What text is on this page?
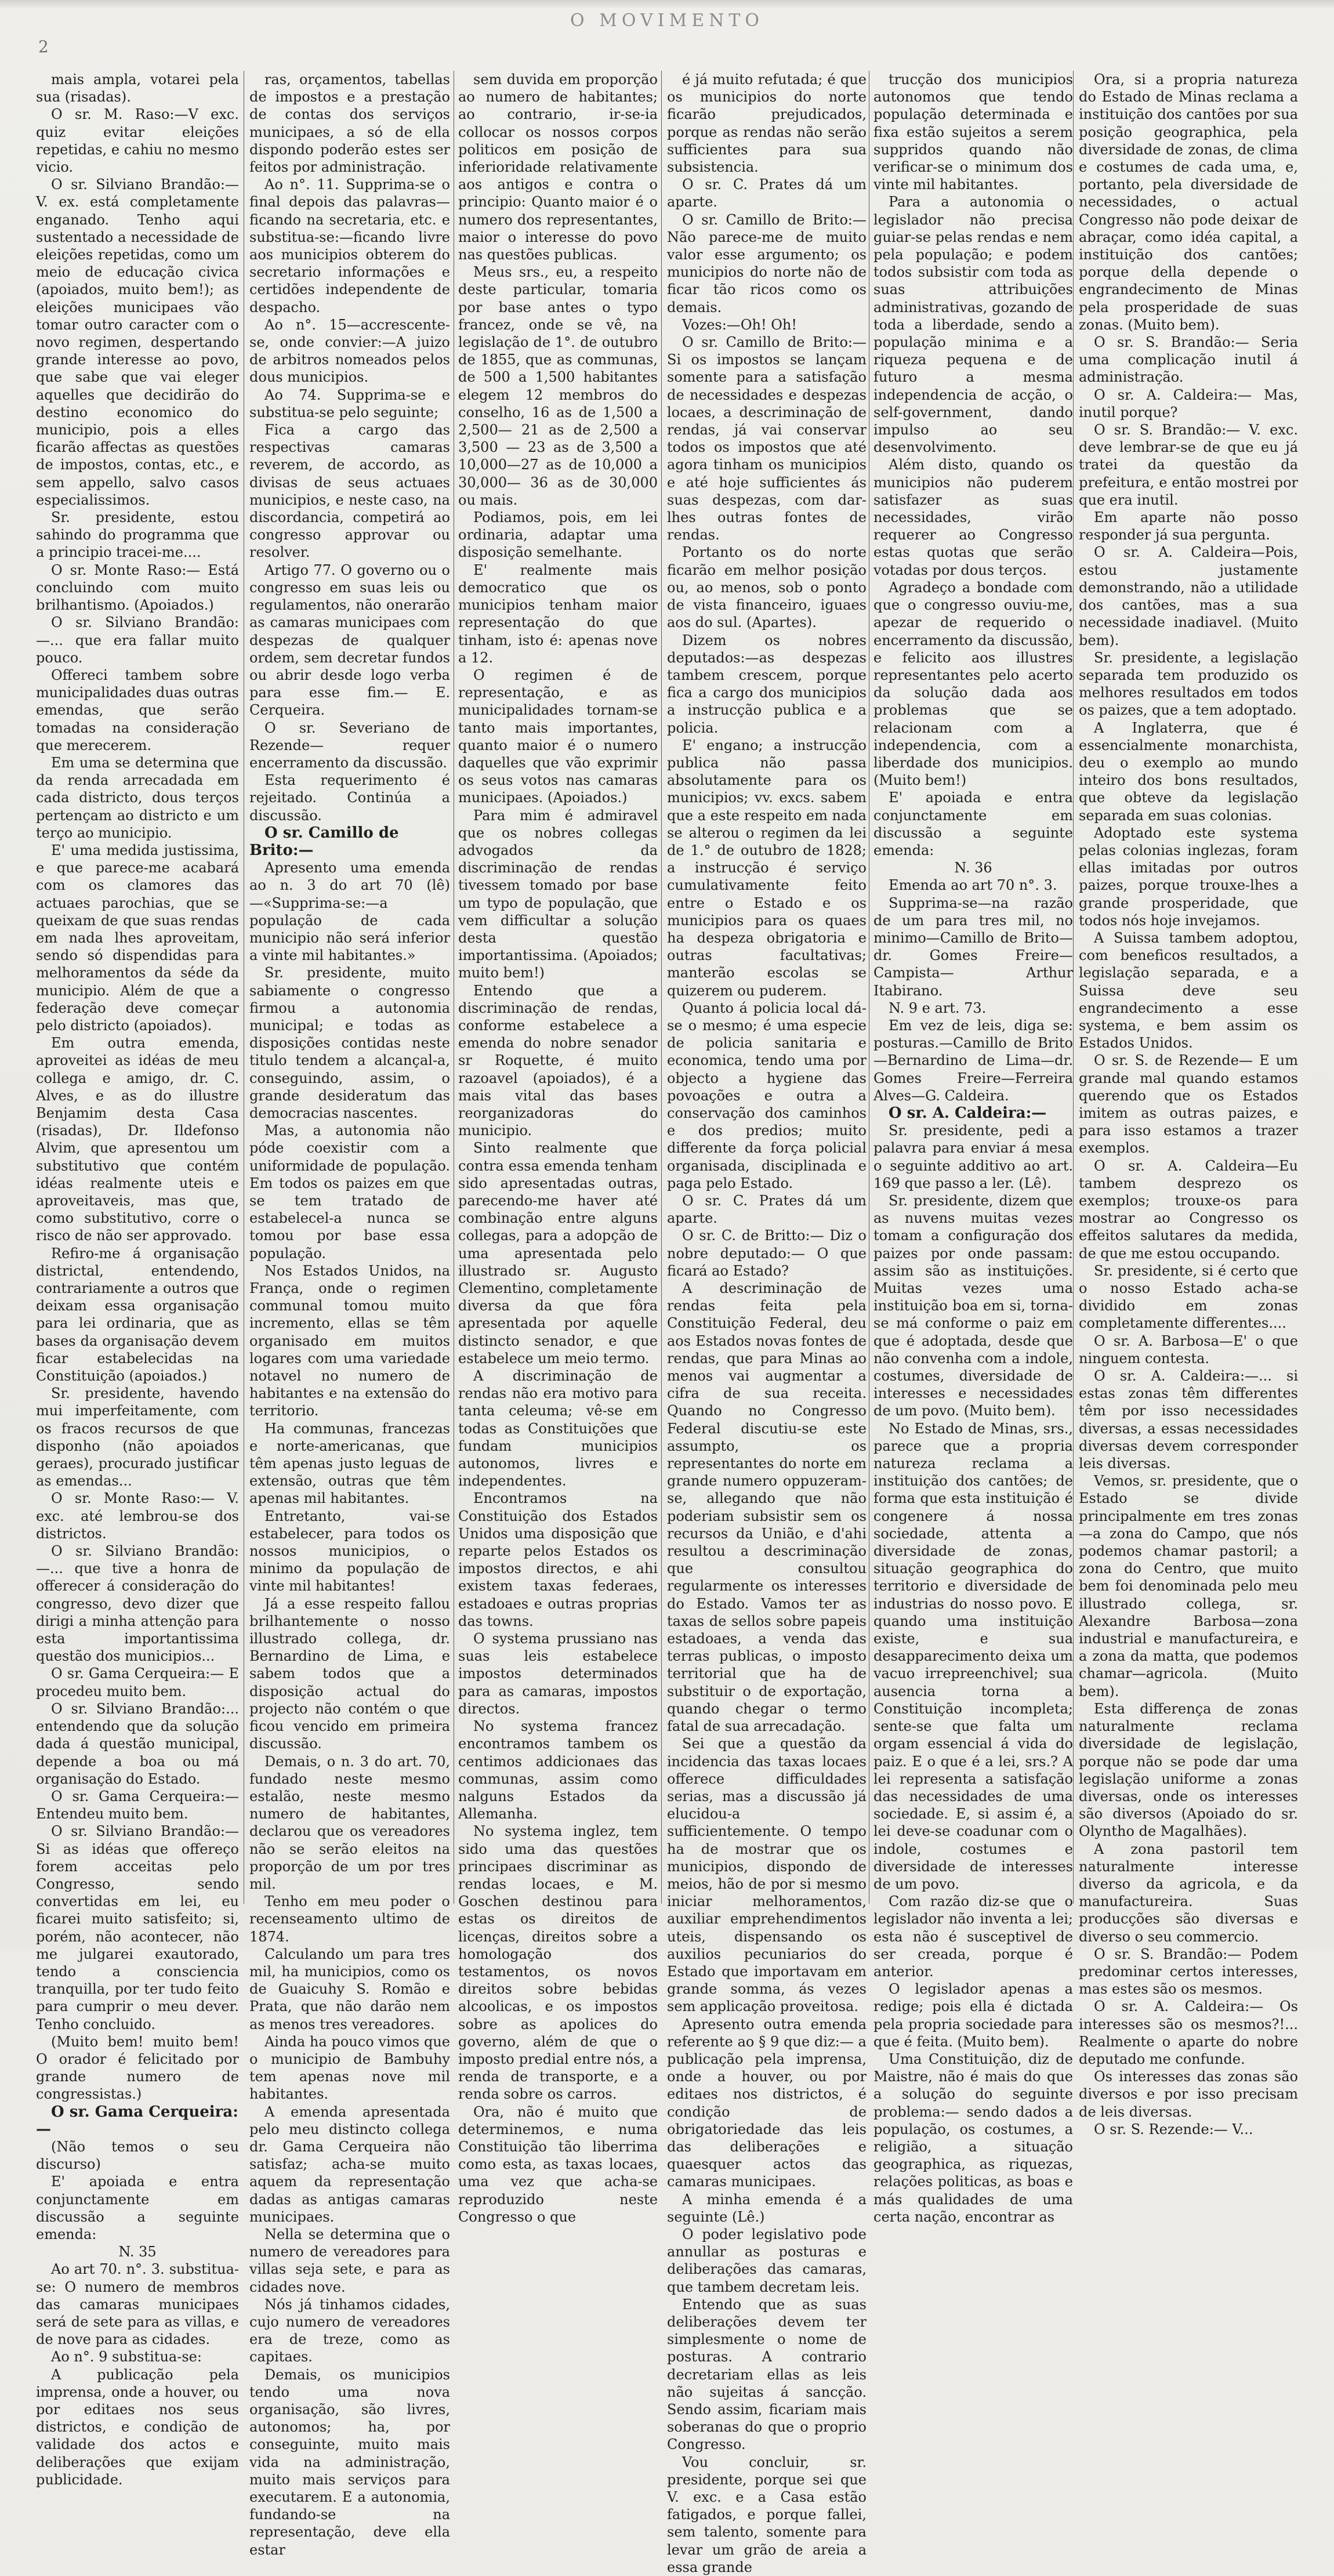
2
O MOVIMENTO

mais ampla, votarei pela sua (risadas).

O sr. M. Raso:—V exc. quiz evitar eleições repetidas, e cahiu no mesmo vicio.

O sr. Silviano Brandão:—V. ex. está completamente enganado. Tenho aqui sustentado a necessidade de eleições repetidas, como um meio de educação civica (apoiados, muito bem!); as eleições municipaes vão tomar outro caracter com o novo regimen, despertando grande interesse ao povo, que sabe que vai eleger aquelles que decidirão do destino economico do municipio, pois a elles ficarão affectas as questões de impostos, contas, etc., e sem appello, salvo casos especialissimos.

Sr. presidente, estou sahindo do programma que a principio tracei-me....

O sr. Monte Raso:— Está concluindo com muito brilhantismo. (Apoiados.)

O sr. Silviano Brandão:—... que era fallar muito pouco.

Offereci tambem sobre municipalidades duas outras emendas, que serão tomadas na consideração que merecerem.

Em uma se determina que da renda arrecadada em cada districto, dous terços pertençam ao districto e um terço ao municipio.

E' uma medida justissima, e que parece-me acabará com os clamores das actuaes parochias, que se queixam de que suas rendas em nada lhes aproveitam, sendo só dispendidas para melhoramentos da séde da municipio. Além de que a federação deve começar pelo districto (apoiados).

Em outra emenda, aproveitei as idéas de meu collega e amigo, dr. C. Alves, e as do illustre Benjamim desta Casa (risadas), Dr. Ildefonso Alvim, que apresentou um substitutivo que contém idéas realmente uteis e aproveitaveis, mas que, como substitutivo, corre o risco de não ser approvado.

Refiro-me á organisação districtal, entendendo, contrariamente a outros que deixam essa organisação para lei ordinaria, que as bases da organisação devem ficar estabelecidas na Constituição (apoiados.)

Sr. presidente, havendo mui imperfeitamente, com os fracos recursos de que disponho (não apoiados geraes), procurado justificar as emendas...

O sr. Monte Raso:— V. exc. até lembrou-se dos districtos.

O sr. Silviano Brandão:—... que tive a honra de offerecer á consideração do congresso, devo dizer que dirigi a minha attenção para esta importantissima questão dos municipios...

O sr. Gama Cerqueira:— E procedeu muito bem.

O sr. Silviano Brandão:... entendendo que da solução dada á questão municipal, depende a boa ou má organisação do Estado.

O sr. Gama Cerqueira:— Entendeu muito bem.

O sr. Silviano Brandão:— Si as idéas que offereço forem acceitas pelo Congresso, sendo convertidas em lei, eu ficarei muito satisfeito; si, porém, não acontecer, não me julgarei exautorado, tendo a consciencia tranquilla, por ter tudo feito para cumprir o meu dever. Tenho concluido.

(Muito bem! muito bem! O orador é felicitado por grande numero de congressistas.)

O sr. Gama Cerqueira:—

(Não temos o seu discurso)

E' apoiada e entra conjunctamente em discussão a seguinte emenda:

N. 35

Ao art 70. n°. 3. substitua-se: O numero de membros das camaras municipaes será de sete para as villas, e de nove para as cidades.

Ao n°. 9 substitua-se:

A publicação pela imprensa, onde a houver, ou por editaes nos seus districtos, e condição de validade dos actos e deliberações que exijam publicidade.

ras, orçamentos, tabellas de impostos e a prestação de contas dos serviços municipaes, a só de ella dispondo poderão estes ser feitos por administração.

Ao n°. 11. Supprima-se o final depois das palavras—ficando na secretaria, etc. e substitua-se:—ficando livre aos municipios obterem do secretario informações e certidões independente de despacho.

Ao n°. 15—accrescente-se, onde convier:—A juizo de arbitros nomeados pelos dous municipios.

Ao 74. Supprima-se e substitua-se pelo seguinte;

Fica a cargo das respectivas camaras reverem, de accordo, as divisas de seus actuaes municipios, e neste caso, na discordancia, competirá ao congresso approvar ou resolver.

Artigo 77. O governo ou o congresso em suas leis ou regulamentos, não onerarão as camaras municipaes com despezas de qualquer ordem, sem decretar fundos ou abrir desde logo verba para esse fim.— E. Cerqueira.

O sr. Severiano de Rezende— requer encerramento da discussão.

Esta requerimento é rejeitado. Continúa a discussão.

O sr. Camillo de Brito:—

Apresento uma emenda ao n. 3 do art 70 (lê)—«Supprima-se:—a população de cada municipio não será inferior a vinte mil habitantes.»

Sr. presidente, muito sabiamente o congresso firmou a autonomia municipal; e todas as disposições contidas neste titulo tendem a alcançal-a, conseguindo, assim, o grande desideratum das democracias nascentes.

Mas, a autonomia não póde coexistir com a uniformidade de população. Em todos os paizes em que se tem tratado de estabelecel-a nunca se tomou por base essa população.

Nos Estados Unidos, na França, onde o regimen communal tomou muito incremento, ellas se têm organisado em muitos logares com uma variedade notavel no numero de habitantes e na extensão do territorio.

Ha communas, francezas e norte-americanas, que têm apenas justo leguas de extensão, outras que têm apenas mil habitantes.

Entretanto, vai-se estabelecer, para todos os nossos municipios, o minimo da população de vinte mil habitantes!

Já a esse respeito fallou brilhantemente o nosso illustrado collega, dr. Bernardino de Lima, e sabem todos que a disposição actual do projecto não contém o que ficou vencido em primeira discussão.

Demais, o n. 3 do art. 70, fundado neste mesmo estalão, neste mesmo numero de habitantes, declarou que os vereadores não se serão eleitos na proporção de um por tres mil.

Tenho em meu poder o recenseamento ultimo de 1874.

Calculando um para tres mil, ha municipios, como os de Guaicuhy S. Romão e Prata, que não darão nem as menos tres vereadores.

Ainda ha pouco vimos que o municipio de Bambuhy tem apenas nove mil habitantes.

A emenda apresentada pelo meu distincto collega dr. Gama Cerqueira não satisfaz; acha-se muito aquem da representação dadas as antigas camaras municipaes.

Nella se determina que o numero de vereadores para villas seja sete, e para as cidades nove.

Nós já tinhamos cidades, cujo numero de vereadores era de treze, como as capitaes.

Demais, os municipios tendo uma nova organisação, são livres, autonomos; ha, por conseguinte, muito mais vida na administração, muito mais serviços para executarem. E a autonomia, fundando-se na representação, deve ella estar

sem duvida em proporção ao numero de habitantes; ao contrario, ir-se-ia collocar os nossos corpos politicos em posição de inferioridade relativamente aos antigos e contra o principio: Quanto maior é o numero dos representantes, maior o interesse do povo nas questões publicas.

Meus srs., eu, a respeito deste particular, tomaria por base antes o typo francez, onde se vê, na legislação de 1°. de outubro de 1855, que as communas, de 500 a 1,500 habitantes elegem 12 membros do conselho, 16 as de 1,500 a 2,500— 21 as de 2,500 a 3,500 — 23 as de 3,500 a 10,000—27 as de 10,000 a 30,000— 36 as de 30,000 ou mais.

Podiamos, pois, em lei ordinaria, adaptar uma disposição semelhante.

E' realmente mais democratico que os municipios tenham maior representação do que tinham, isto é: apenas nove a 12.

O regimen é de representação, e as municipalidades tornam-se tanto mais importantes, quanto maior é o numero daquelles que vão exprimir os seus votos nas camaras municipaes. (Apoiados.)

Para mim é admiravel que os nobres collegas advogados da discriminação de rendas tivessem tomado por base um typo de população, que vem difficultar a solução desta questão importantissima. (Apoiados; muito bem!)

Entendo que a discriminação de rendas, conforme estabelece a emenda do nobre senador sr Roquette, é muito razoavel (apoiados), é a mais vital das bases reorganizadoras do municipio.

Sinto realmente que contra essa emenda tenham sido apresentadas outras, parecendo-me haver até combinação entre alguns collegas, para a adopção de uma apresentada pelo illustrado sr. Augusto Clementino, completamente diversa da que fôra apresentada por aquelle distincto senador, e que estabelece um meio termo.

A discriminação de rendas não era motivo para tanta celeuma; vê-se em todas as Constituições que fundam municipios autonomos, livres e independentes.

Encontramos na Constituição dos Estados Unidos uma disposição que reparte pelos Estados os impostos directos, e ahi existem taxas federaes, estadoaes e outras proprias das towns.

O systema prussiano nas suas leis estabelece impostos determinados para as camaras, impostos directos.

No systema francez encontramos tambem os centimos addicionaes das communas, assim como nalguns Estados da Allemanha.

No systema inglez, tem sido uma das questões principaes discriminar as rendas locaes, e M. Goschen destinou para estas os direitos de licenças, direitos sobre a homologação dos testamentos, os novos direitos sobre bebidas alcoolicas, e os impostos sobre as apolices do governo, além de que o imposto predial entre nós, a renda de transporte, e a renda sobre os carros.

Ora, não é muito que determinemos, e numa Constituição tão liberrima como esta, as taxas locaes, uma vez que acha-se reproduzido neste Congresso o que

é já muito refutada; é que os municipios do norte ficarão prejudicados, porque as rendas não serão sufficientes para sua subsistencia.

O sr. C. Prates dá um aparte.

O sr. Camillo de Brito:—Não parece-me de muito valor esse argumento; os municipios do norte não de ficar tão ricos como os demais.

Vozes:—Oh! Oh!

O sr. Camillo de Brito:—Si os impostos se lançam somente para a satisfação de necessidades e despezas locaes, a descriminação de rendas, já vai conservar todos os impostos que até agora tinham os municipios e até hoje sufficientes ás suas despezas, com dar-lhes outras fontes de rendas.

Portanto os do norte ficarão em melhor posição ou, ao menos, sob o ponto de vista financeiro, iguaes aos do sul. (Apartes).

Dizem os nobres deputados:—as despezas tambem crescem, porque fica a cargo dos municipios a instrucção publica e a policia.

E' engano; a instrucção publica não passa absolutamente para os municipios; vv. excs. sabem que a este respeito em nada se alterou o regimen da lei de 1.° de outubro de 1828; a instrucção é serviço cumulativamente feito entre o Estado e os municipios para os quaes ha despeza obrigatoria e outras facultativas; manterão escolas se quizerem ou puderem.

Quanto á policia local dá-se o mesmo; é uma especie de policia sanitaria e economica, tendo uma por objecto a hygiene das povoações e outra a conservação dos caminhos e dos predios; muito differente da força policial organisada, disciplinada e paga pelo Estado.

O sr. C. Prates dá um aparte.

O sr. C. de Britto:— Diz o nobre deputado:— O que ficará ao Estado?

A descriminação de rendas feita pela Constituição Federal, deu aos Estados novas fontes de rendas, que para Minas ao menos vai augmentar a cifra de sua receita. Quando no Congresso Federal discutiu-se este assumpto, os representantes do norte em grande numero oppuzeram-se, allegando que não poderiam subsistir sem os recursos da União, e d'ahi resultou a descriminação que consultou regularmente os interesses do Estado. Vamos ter as taxas de sellos sobre papeis estadoaes, a venda das terras publicas, o imposto territorial que ha de substituir o de exportação, quando chegar o termo fatal de sua arrecadação.

Sei que a questão da incidencia das taxas locaes offerece difficuldades serias, mas a discussão já elucidou-a sufficientemente. O tempo ha de mostrar que os municipios, dispondo de meios, hão de por si mesmo iniciar melhoramentos, auxiliar emprehendimentos uteis, dispensando os auxilios pecuniarios do Estado que importavam em grande somma, ás vezes sem applicação proveitosa.

Apresento outra emenda referente ao § 9 que diz:— a publicação pela imprensa, onde a houver, ou por editaes nos districtos, é condição de obrigatoriedade das leis das deliberações e quaesquer actos das camaras municipaes.

A minha emenda é a seguinte (Lê.)

O poder legislativo pode annullar as posturas e deliberações das camaras, que tambem decretam leis.

Entendo que as suas deliberações devem ter simplesmente o nome de posturas. A contrario decretariam ellas as leis não sujeitas á sancção. Sendo assim, ficariam mais soberanas do que o proprio Congresso.

Vou concluir, sr. presidente, porque sei que V. exc. e a Casa estão fatigados, e porque fallei, sem talento, somente para levar um grão de areia a essa grande

trucção dos municipios autonomos que tendo população determinada e fixa estão sujeitos a serem suppridos quando não verificar-se o minimum dos vinte mil habitantes.

Para a autonomia o legislador não precisa guiar-se pelas rendas e nem pela população; e podem todos subsistir com toda as suas attribuições administrativas, gozando de toda a liberdade, sendo a população minima e a riqueza pequena e de futuro a mesma independencia de acção, o self-government, dando impulso ao seu desenvolvimento.

Além disto, quando os municipios não puderem satisfazer as suas necessidades, virão requerer ao Congresso estas quotas que serão votadas por dous terços.

Agradeço a bondade com que o congresso ouviu-me, apezar de requerido o encerramento da discussão, e felicito aos illustres representantes pelo acerto da solução dada aos problemas que se relacionam com a independencia, com a liberdade dos municipios. (Muito bem!)

E' apoiada e entra conjunctamente em discussão a seguinte emenda:

N. 36

Emenda ao art 70 n°. 3.

Supprima-se—na razão de um para tres mil, no minimo—Camillo de Brito—dr. Gomes Freire—Campista— Arthur Itabirano.

N. 9 e art. 73.

Em vez de leis, diga se: posturas.—Camillo de Brito—Bernardino de Lima—dr. Gomes Freire—Ferreira Alves—G. Caldeira.

O sr. A. Caldeira:—

Sr. presidente, pedi a palavra para enviar á mesa o seguinte additivo ao art. 169 que passo a ler. (Lê).

Sr. presidente, dizem que as nuvens muitas vezes tomam a configuração dos paizes por onde passam: assim são as instituições. Muitas vezes uma instituição boa em si, torna-se má conforme o paiz em que é adoptada, desde que não convenha com a indole, costumes, diversidade de interesses e necessidades de um povo. (Muito bem).

No Estado de Minas, srs., parece que a propria natureza reclama a instituição dos cantões; de forma que esta instituição é congenere á nossa sociedade, attenta a diversidade de zonas, situação geographica do territorio e diversidade de industrias do nosso povo. E quando uma instituição existe, e sua desapparecimento deixa um vacuo irrepreenchivel; sua ausencia torna a Constituição incompleta; sente-se que falta um orgam essencial á vida do paiz. E o que é a lei, srs.? A lei representa a satisfação das necessidades de uma sociedade. E, si assim é, a lei deve-se coadunar com o indole, costumes e diversidade de interesses de um povo.

Com razão diz-se que o legislador não inventa a lei; esta não é susceptivel de ser creada, porque é anterior.

O legislador apenas a redige; pois ella é dictada pela propria sociedade para que é feita. (Muito bem).

Uma Constituição, diz de Maistre, não é mais do que a solução do seguinte problema:— sendo dados a população, os costumes, a religião, a situação geographica, as riquezas, relações politicas, as boas e más qualidades de uma certa nação, encontrar as

Ora, si a propria natureza do Estado de Minas reclama a instituição dos cantões por sua posição geographica, pela diversidade de zonas, de clima e costumes de cada uma, e, portanto, pela diversidade de necessidades, o actual Congresso não pode deixar de abraçar, como idéa capital, a instituição dos cantões; porque della depende o engrandecimento de Minas pela prosperidade de suas zonas. (Muito bem).

O sr. S. Brandão:— Seria uma complicação inutil á administração.

O sr. A. Caldeira:— Mas, inutil porque?

O sr. S. Brandão:— V. exc. deve lembrar-se de que eu já tratei da questão da prefeitura, e então mostrei por que era inutil.

Em aparte não posso responder já sua pergunta.

O sr. A. Caldeira—Pois, estou justamente demonstrando, não a utilidade dos cantões, mas a sua necessidade inadiavel. (Muito bem).

Sr. presidente, a legislação separada tem produzido os melhores resultados em todos os paizes, que a tem adoptado.

A Inglaterra, que é essencialmente monarchista, deu o exemplo ao mundo inteiro dos bons resultados, que obteve da legislação separada em suas colonias.

Adoptado este systema pelas colonias inglezas, foram ellas imitadas por outros paizes, porque trouxe-lhes a grande prosperidade, que todos nós hoje invejamos.

A Suissa tambem adoptou, com beneficos resultados, a legislação separada, e a Suissa deve seu engrandecimento a esse systema, e bem assim os Estados Unidos.

O sr. S. de Rezende— E um grande mal quando estamos querendo que os Estados imitem as outras paizes, e para isso estamos a trazer exemplos.

O sr. A. Caldeira—Eu tambem desprezo os exemplos; trouxe-os para mostrar ao Congresso os effeitos salutares da medida, de que me estou occupando.

Sr. presidente, si é certo que o nosso Estado acha-se dividido em zonas completamente differentes....

O sr. A. Barbosa—E' o que ninguem contesta.

O sr. A. Caldeira:—... si estas zonas têm differentes têm por isso necessidades diversas, a essas necessidades diversas devem corresponder leis diversas.

Vemos, sr. presidente, que o Estado se divide principalmente em tres zonas—a zona do Campo, que nós podemos chamar pastoril; a zona do Centro, que muito bem foi denominada pelo meu illustrado collega, sr. Alexandre Barbosa—zona industrial e manufactureira, e a zona da matta, que podemos chamar—agricola. (Muito bem).

Esta differença de zonas naturalmente reclama diversidade de legislação, porque não se pode dar uma legislação uniforme a zonas diversas, onde os interesses são diversos (Apoiado do sr. Olyntho de Magalhães).

A zona pastoril tem naturalmente interesse diverso da agricola, e da manufactureira. Suas producções são diversas e diverso o seu commercio.

O sr. S. Brandão:— Podem predominar certos interesses, mas estes são os mesmos.

O sr. A. Caldeira:— Os interesses são os mesmos?!... Realmente o aparte do nobre deputado me confunde.

Os interesses das zonas são diversos e por isso precisam de leis diversas.

O sr. S. Rezende:— V...
